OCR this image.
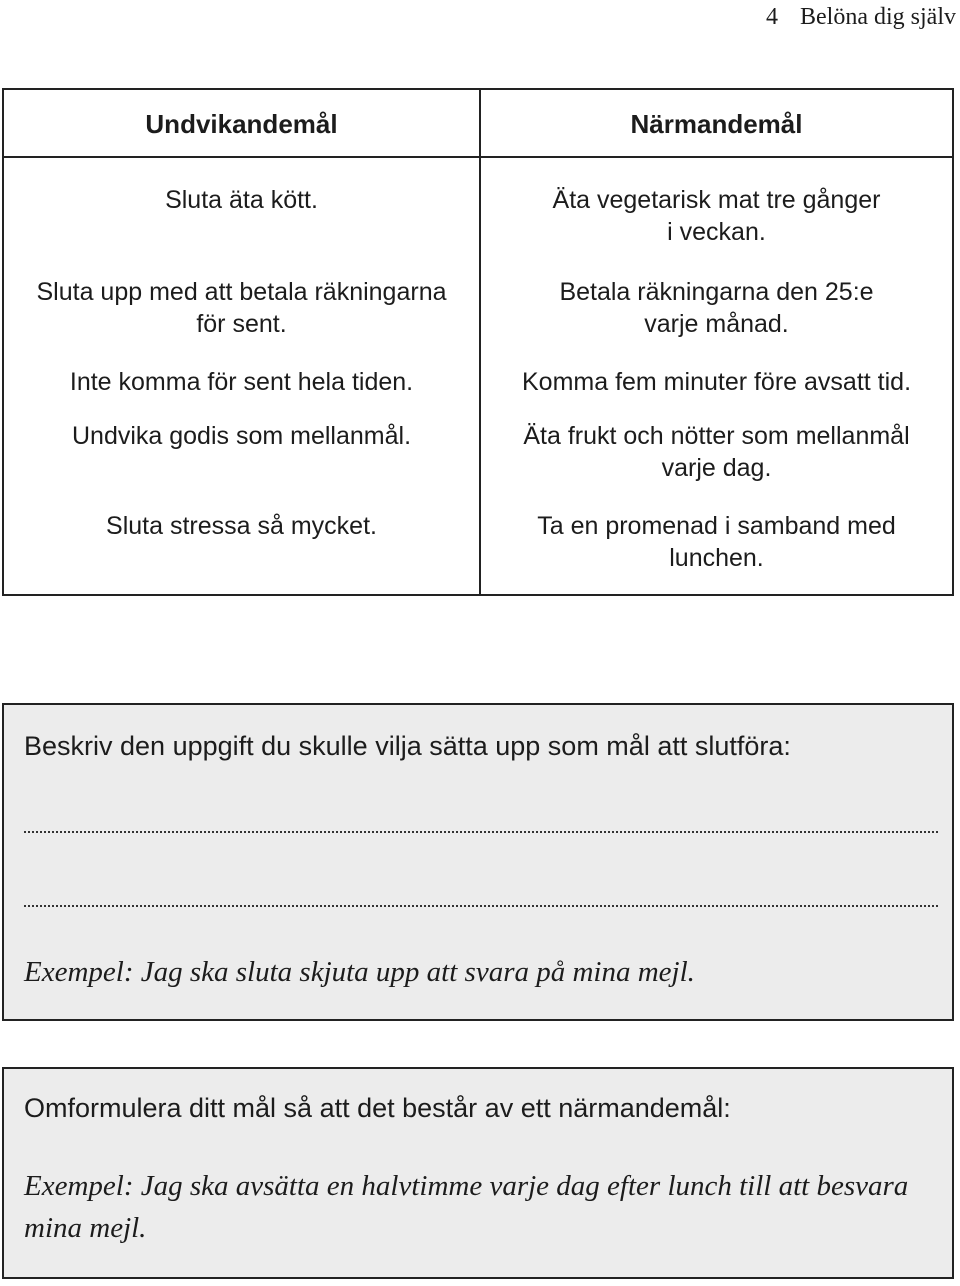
4 Belöna dig själv
Undvikandemål
Sluta äta kött.
Sluta upp med att betala räkningarna
för sent.
Inte komma för sent hela tiden.
Undvika godis som mellanmål.
Sluta stressa så mycket.
Närmandemål
Äta vegetarisk mat tre gånger
i veckan.
Betala räkningarna den 25:e
varje månad.
Komma fem minuter före avsatt tid.
Äta frukt och nötter som mellanmål
varje dag.
Ta en promenad i samband med
lunchen.
Beskriv den uppgift du skulle vilja sätta upp som mål att slutföra:
Exempel: Jag ska sluta skjuta upp att svara på mina mejl.
Omformulera ditt mål så att det består av ett närmandemål:
Exempel: Jag ska avsätta en halvtimme varje dag efter lunch till att besvara mina mejl.
